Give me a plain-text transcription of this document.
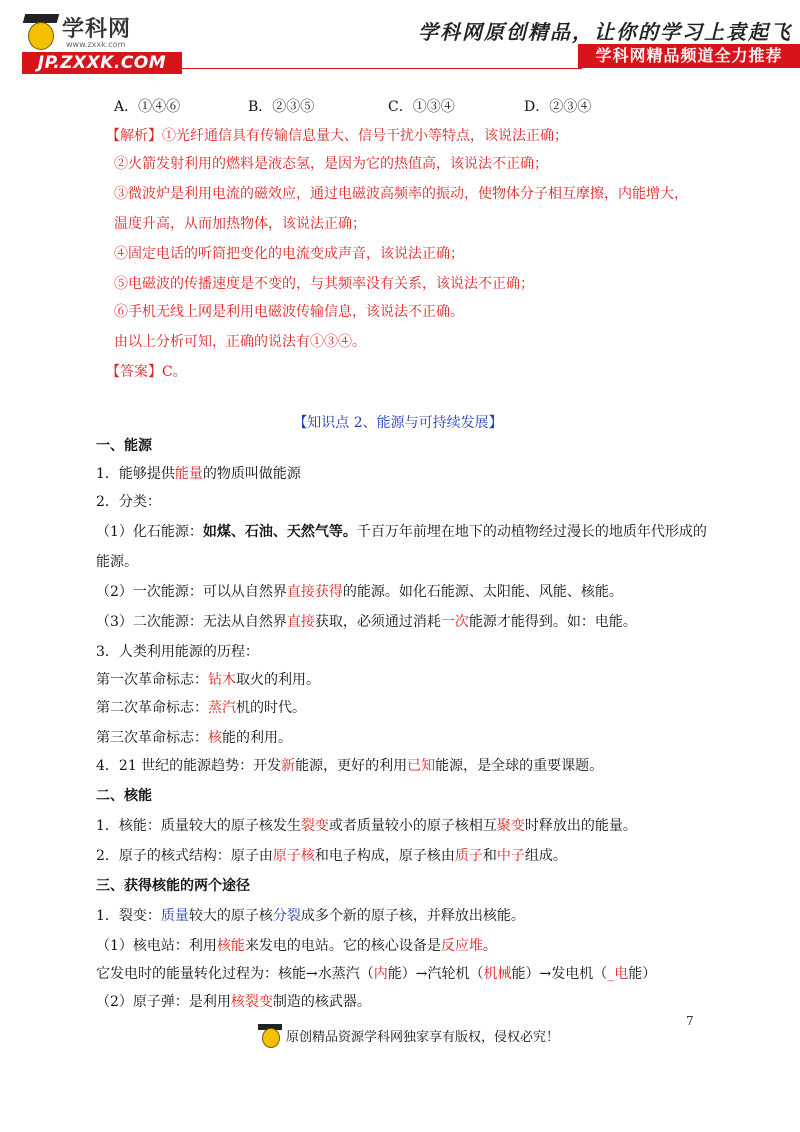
学科网
www.zxxk.com
JP.ZXXK.COM
学科网原创精品，让你的学习上袁起飞
学科网精品频道全力推荐
A．①④⑥	B．②③⑤	C．①③④	D．②③④
【解析】①光纤通信具有传输信息量大、信号干扰小等特点，该说法正确；
②火箭发射利用的燃料是液态氢，是因为它的热值高，该说法不正确；
③微波炉是利用电流的磁效应，通过电磁波高频率的振动，使物体分子相互摩擦，内能增大，
温度升高，从而加热物体，该说法正确；
④固定电话的听筒把变化的电流变成声音，该说法正确；
⑤电磁波的传播速度是不变的，与其频率没有关系，该说法不正确；
⑥手机无线上网是利用电磁波传输信息，该说法不正确。
由以上分析可知，正确的说法有①③④。
【答案】C。
【知识点 2、能源与可持续发展】
一、能源
1．能够提供能量的物质叫做能源
2．分类：
（1）化石能源：如煤、石油、天然气等。千百万年前埋在地下的动植物经过漫长的地质年代形成的
能源。
（2）一次能源：可以从自然界直接获得的能源。如化石能源、太阳能、风能、核能。
（3）二次能源：无法从自然界直接获取，必须通过消耗一次能源才能得到。如：电能。
3．人类利用能源的历程：
第一次革命标志：钻木取火的利用。
第二次革命标志：蒸汽机的时代。
第三次革命标志：核能的利用。
4．21 世纪的能源趋势：开发新能源，更好的利用已知能源，是全球的重要课题。
二、核能
1．核能：质量较大的原子核发生裂变或者质量较小的原子核相互聚变时释放出的能量。
2．原子的核式结构：原子由原子核和电子构成，原子核由质子和中子组成。
三、获得核能的两个途径
1．裂变：质量较大的原子核分裂成多个新的原子核，并释放出核能。
（1）核电站：利用核能来发电的电站。它的核心设备是反应堆。
它发电时的能量转化过程为：核能→水蒸汽（内能）→汽轮机（机械能）→发电机（_电能）
（2）原子弹：是利用核裂变制造的核武器。
7
原创精品资源学科网独家享有版权，侵权必究！
